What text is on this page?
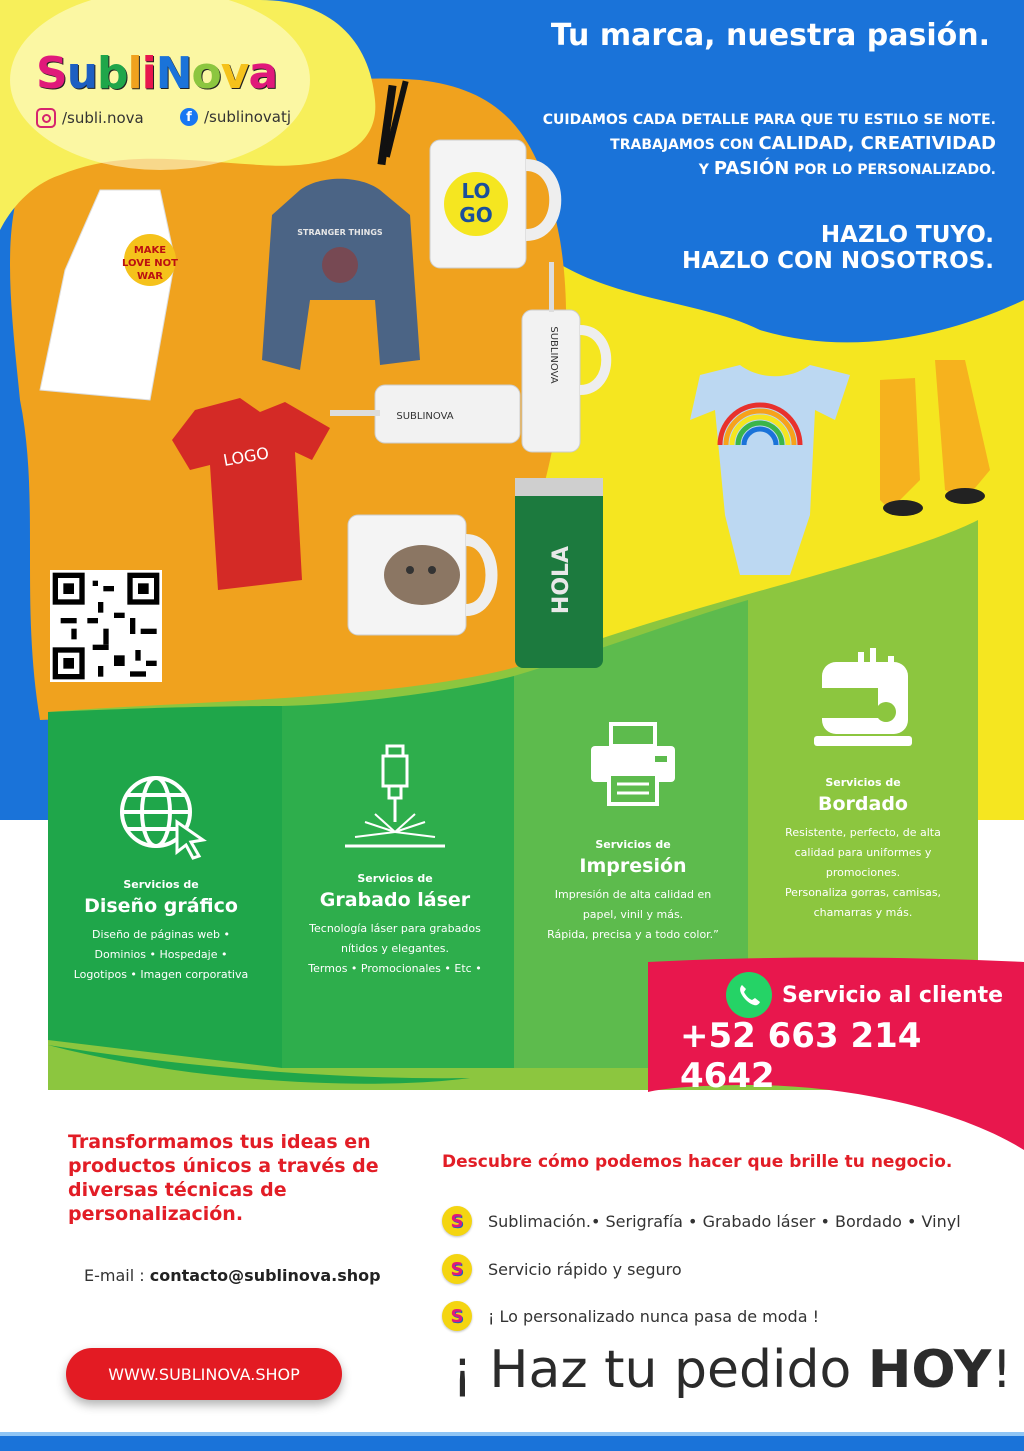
SubliNova
/subli.nova	f /sublinovatj
Tu marca, nuestra pasión.
CUIDAMOS CADA DETALLE PARA QUE TU ESTILO SE NOTE.
TRABAJAMOS CON CALIDAD, CREATIVIDAD
Y PASIÓN POR LO PERSONALIZADO.
HAZLO TUYO.
HAZLO CON NOSOTROS.
MAKE
LOVE NOT
WAR
STRANGER THINGS
LOGO
LO
GO
SUBLINOVA
SUBLINOVA
HOLA
Servicios de
Diseño gráfico
Diseño de páginas web •
Dominios • Hospedaje •
Logotipos • Imagen corporativa
Servicios de
Grabado láser
Tecnología láser para grabados
nítidos y elegantes.
Termos • Promocionales • Etc •
Servicios de
Impresión
Impresión de alta calidad en
papel, vinil y más.
Rápida, precisa y a todo color.”
Servicios de
Bordado
Resistente, perfecto, de alta
calidad para uniformes y
promociones.
Personaliza gorras, camisas,
chamarras y más.
Servicio al cliente
+52 663 214 4642
Transformamos tus ideas en
productos únicos a través de
diversas técnicas de
personalización.
E-mail : contacto@sublinova.shop
WWW.SUBLINOVA.SHOP
Descubre cómo podemos hacer que brille tu negocio.
S Sublimación.• Serigrafía • Grabado láser • Bordado • Vinyl
S Servicio rápido y seguro
S ¡ Lo personalizado nunca pasa de moda !
¡ Haz tu pedido HOY!
